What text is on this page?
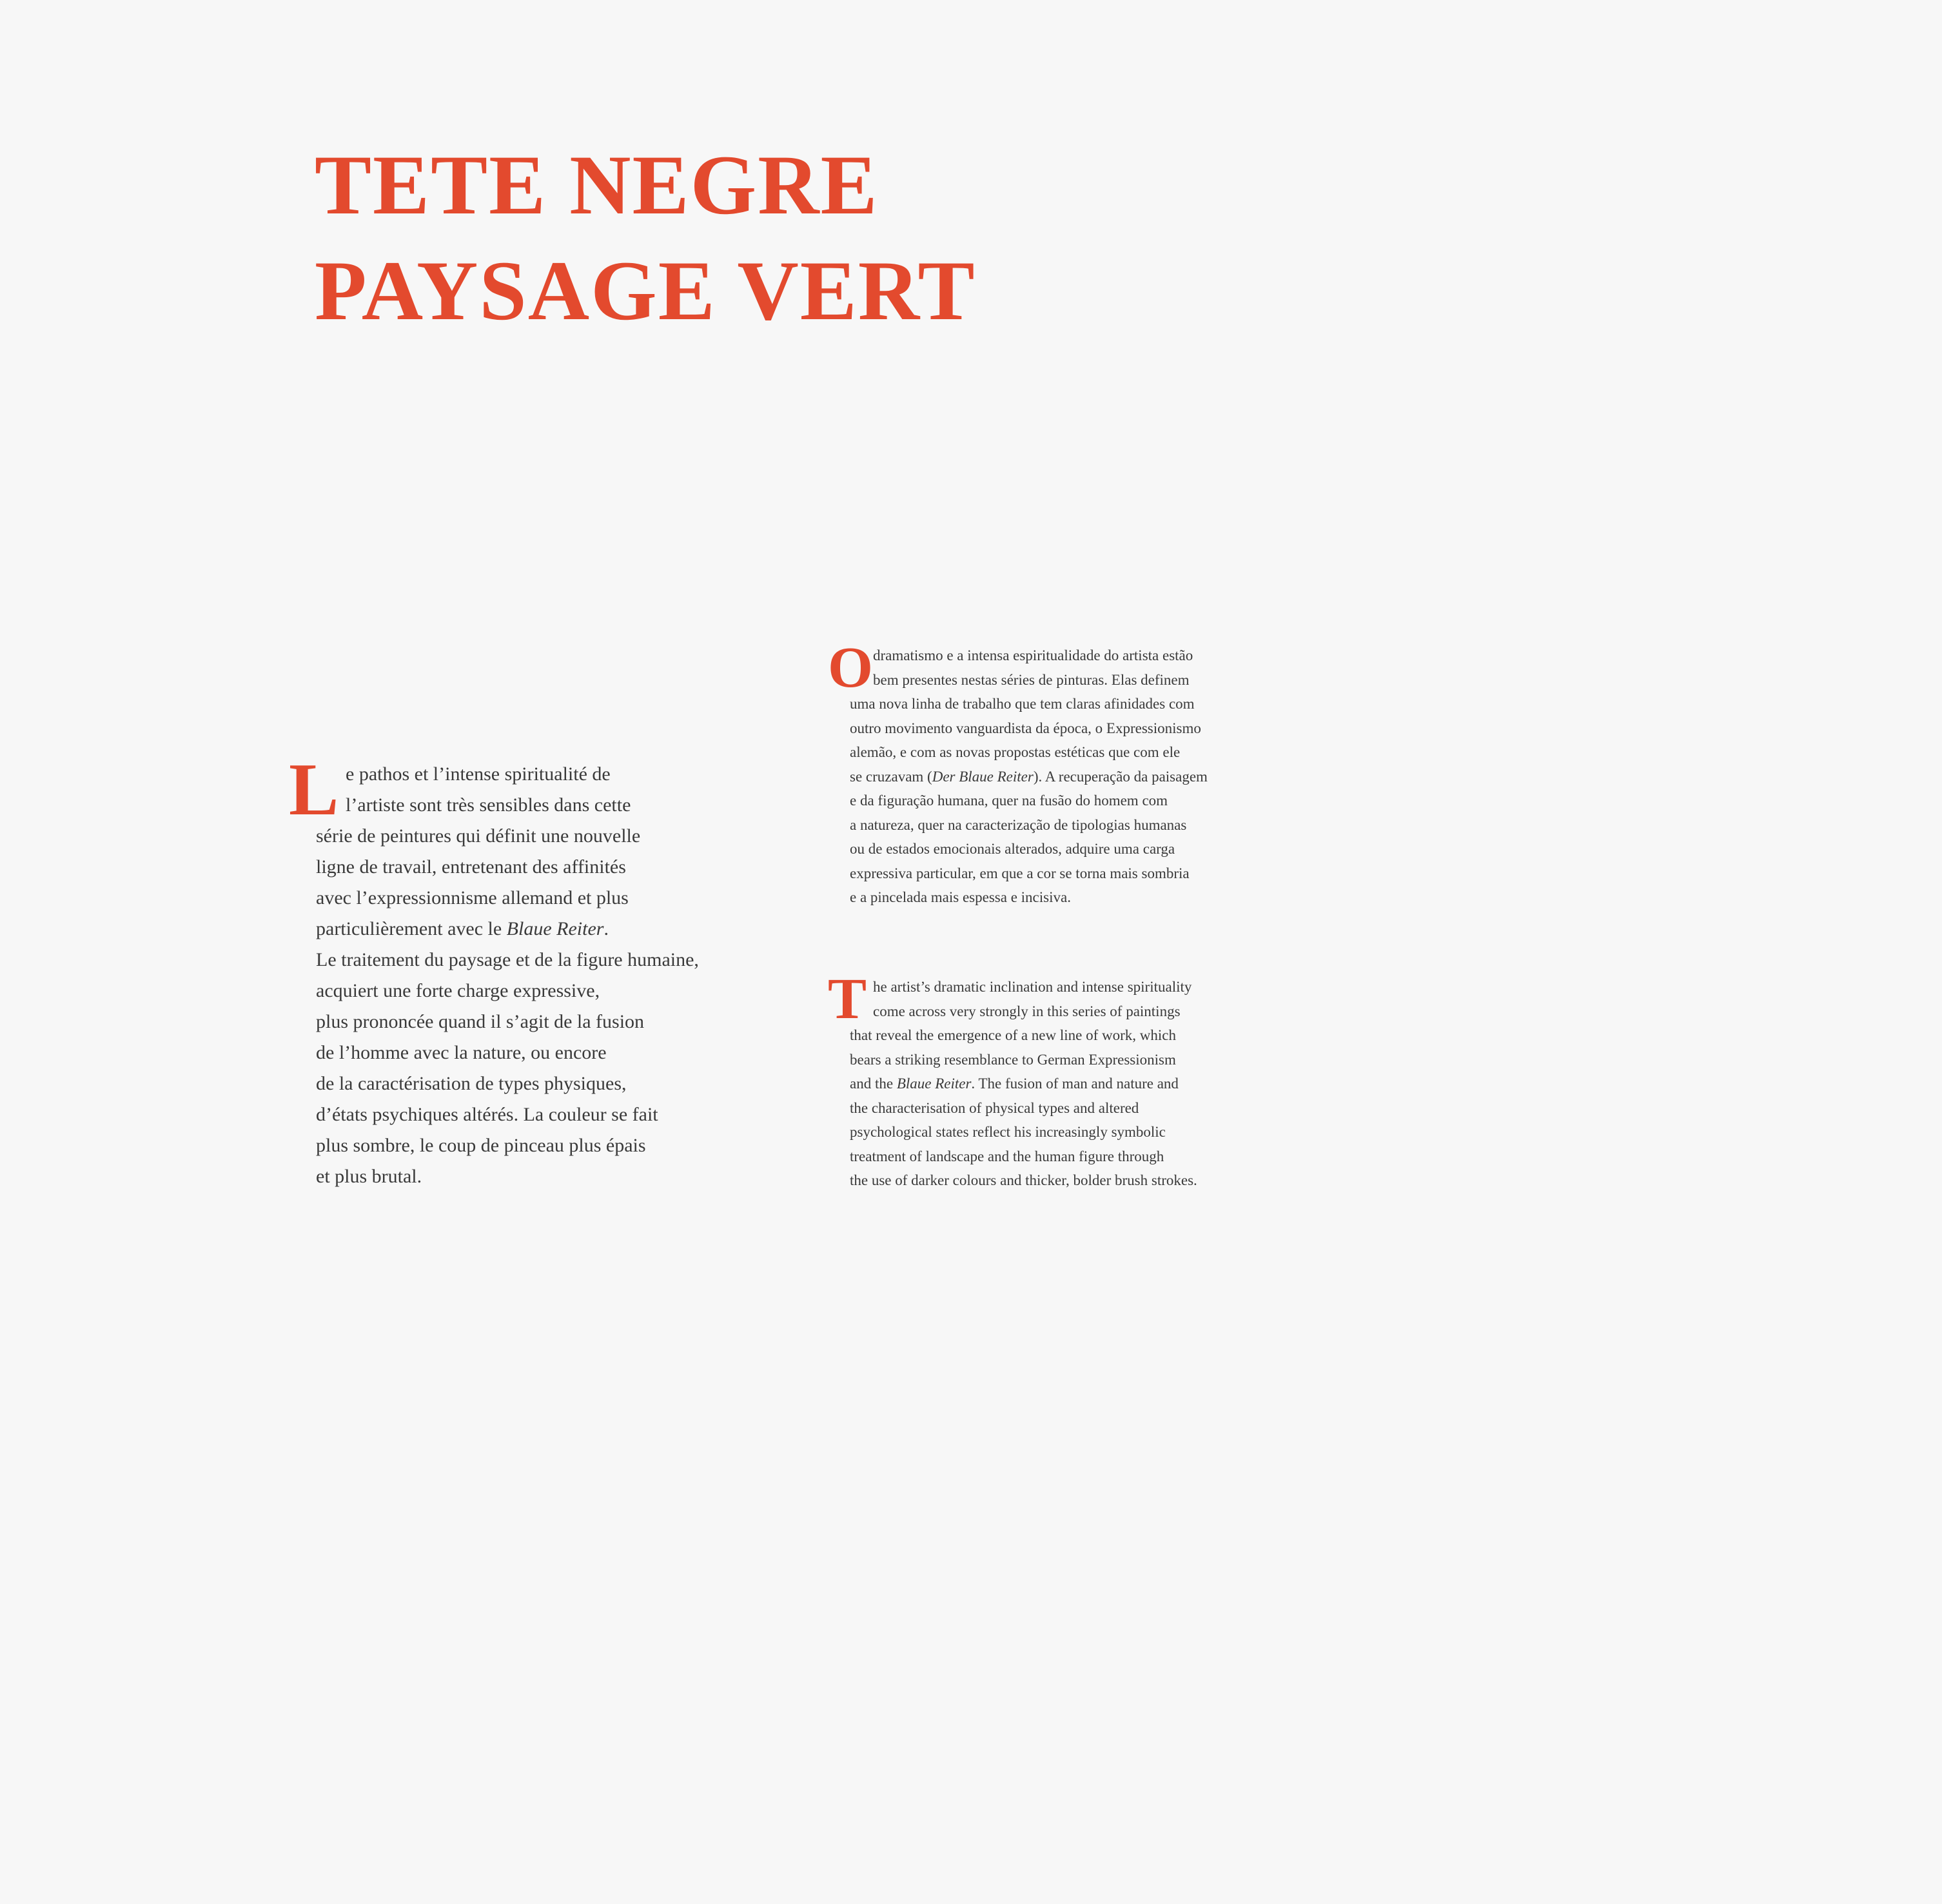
TETE NEGRE
PAYSAGE VERT
L e pathos et l’intense spiritualité de
l’artiste sont très sensibles dans cette
série de peintures qui définit une nouvelle
ligne de travail, entretenant des affinités
avec l’expressionnisme allemand et plus
particulièrement avec le Blaue Reiter.
Le traitement du paysage et de la figure humaine,
acquiert une forte charge expressive,
plus prononcée quand il s’agit de la fusion
de l’homme avec la nature, ou encore
de la caractérisation de types physiques,
d’états psychiques altérés. La couleur se fait
plus sombre, le coup de pinceau plus épais
et plus brutal.
O dramatismo e a intensa espiritualidade do artista estão
bem presentes nestas séries de pinturas. Elas definem
uma nova linha de trabalho que tem claras afinidades com
outro movimento vanguardista da época, o Expressionismo
alemão, e com as novas propostas estéticas que com ele
se cruzavam (Der Blaue Reiter). A recuperação da paisagem
e da figuração humana, quer na fusão do homem com
a natureza, quer na caracterização de tipologias humanas
ou de estados emocionais alterados, adquire uma carga
expressiva particular, em que a cor se torna mais sombria
e a pincelada mais espessa e incisiva.
T he artist’s dramatic inclination and intense spirituality
come across very strongly in this series of paintings
that reveal the emergence of a new line of work, which
bears a striking resemblance to German Expressionism
and the Blaue Reiter. The fusion of man and nature and
the characterisation of physical types and altered
psychological states reflect his increasingly symbolic
treatment of landscape and the human figure through
the use of darker colours and thicker, bolder brush strokes.
